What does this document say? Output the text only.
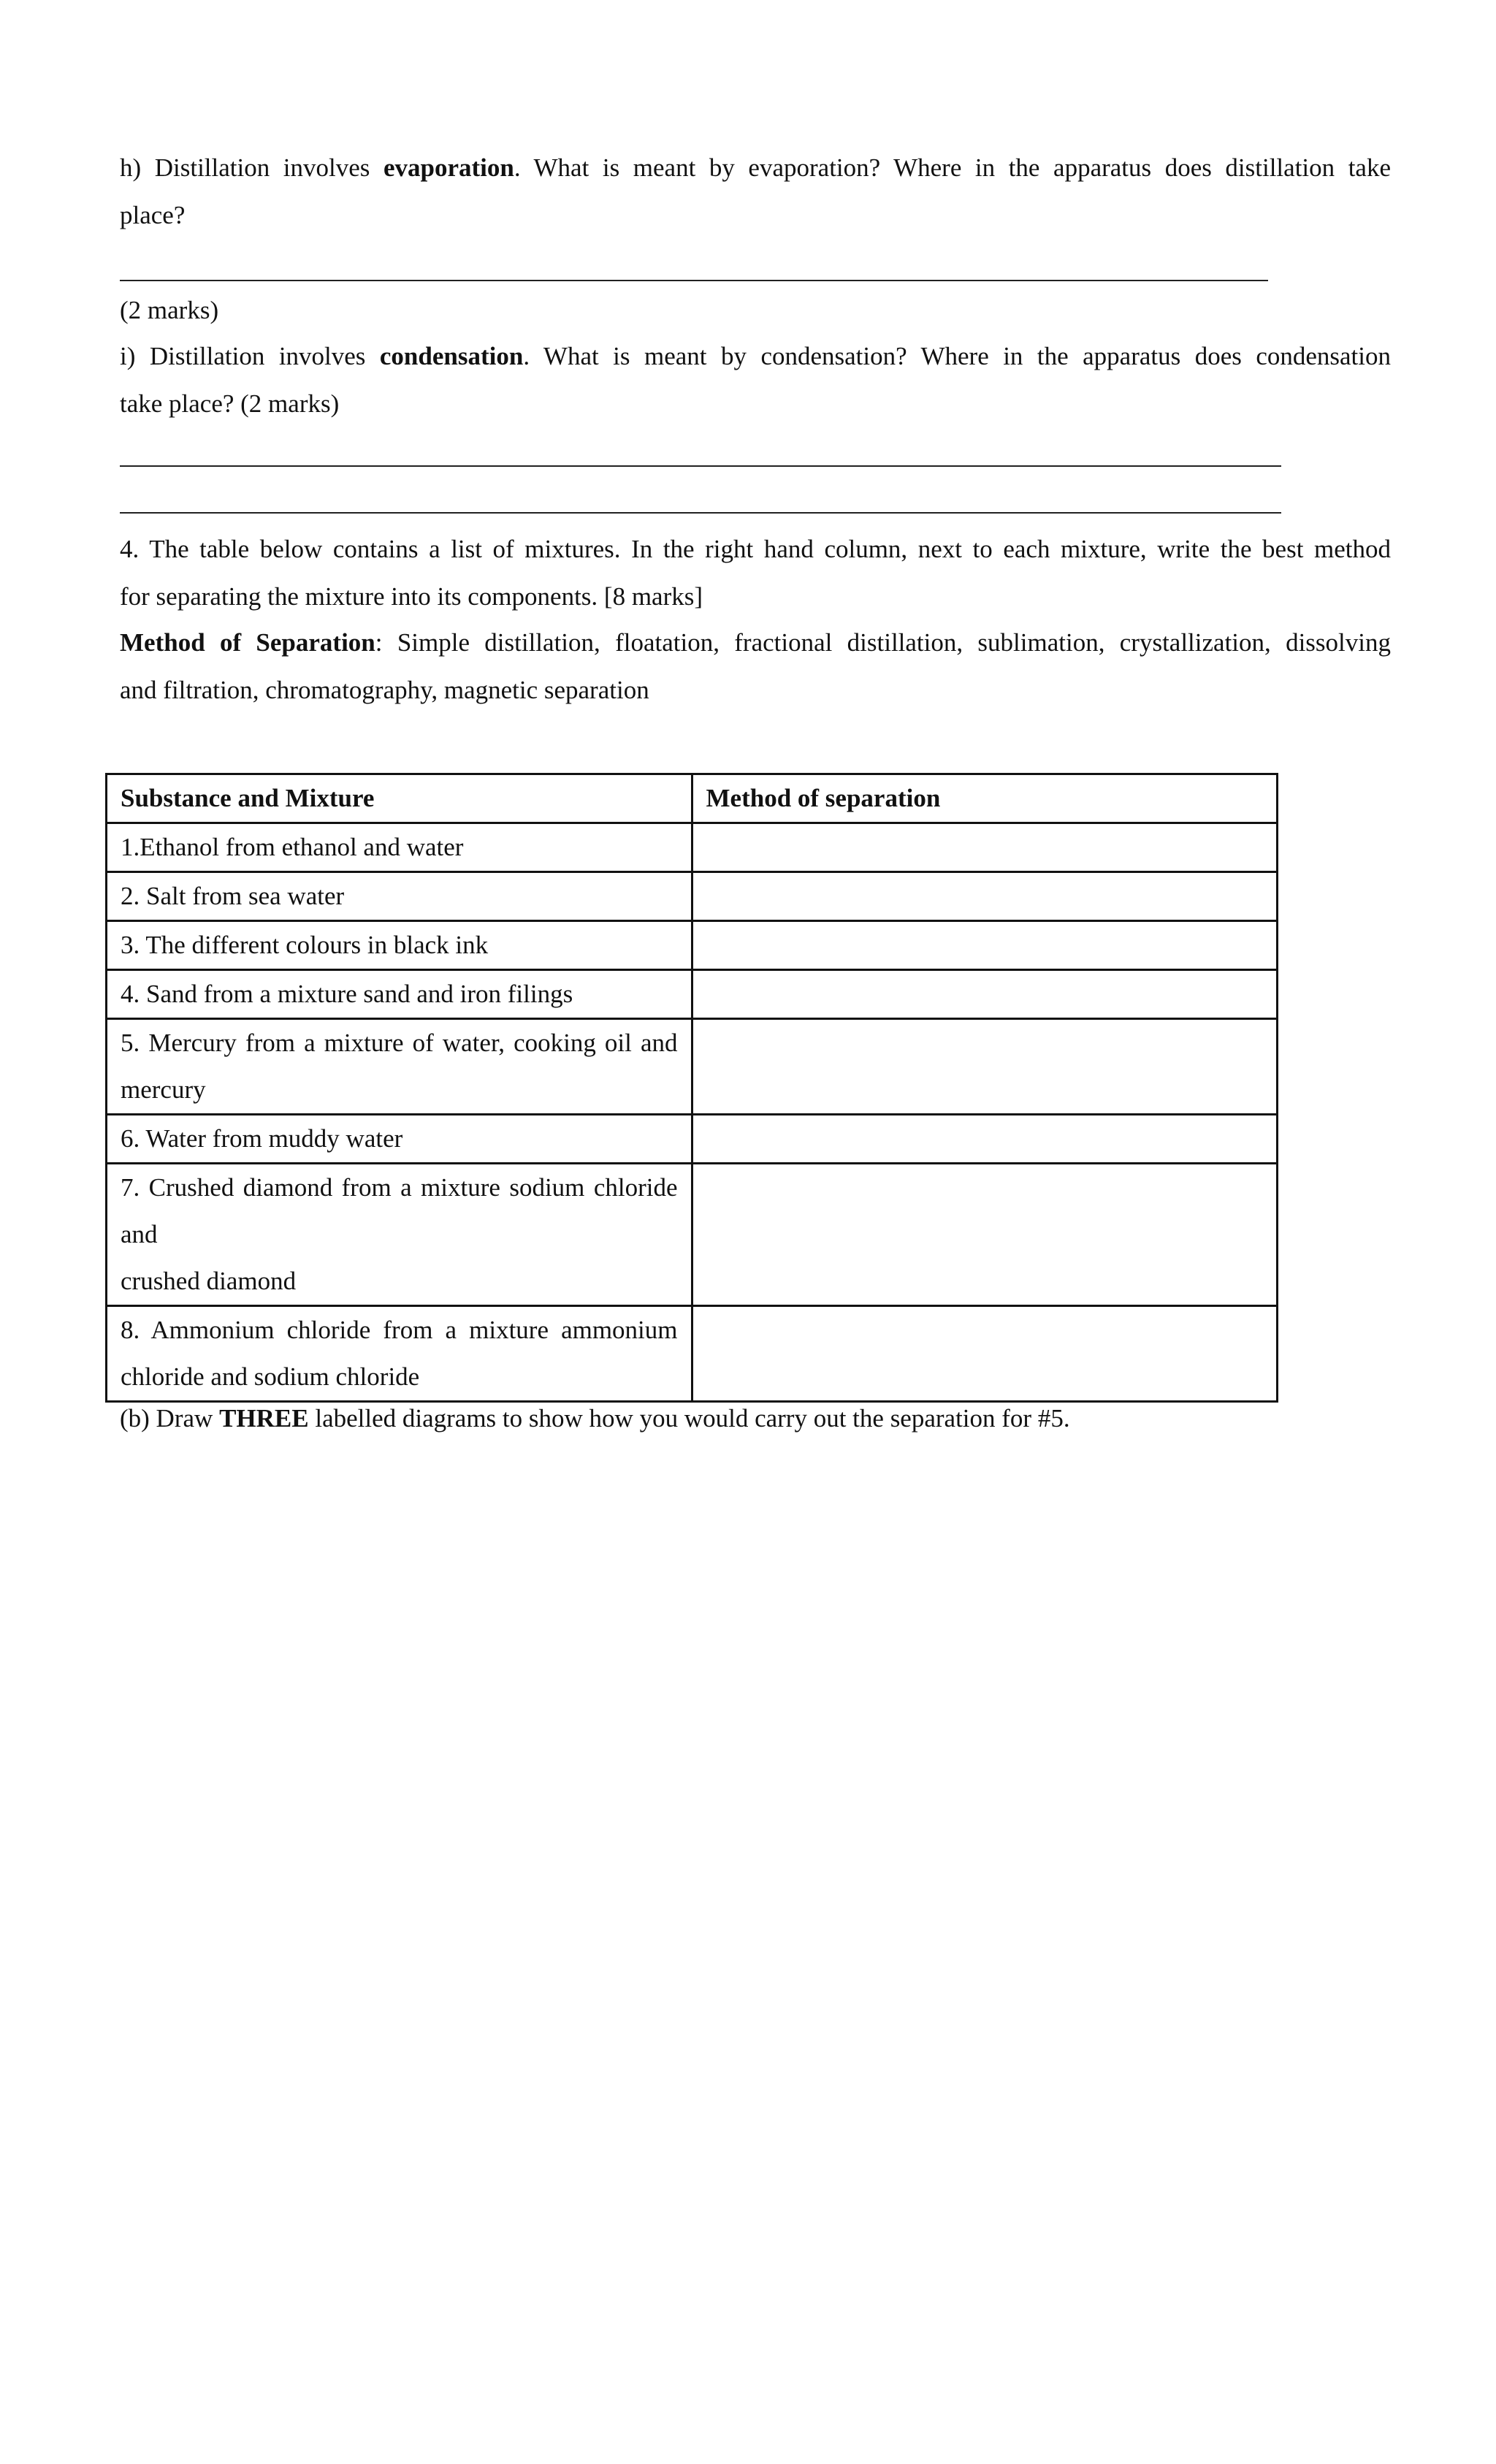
h) Distillation involves evaporation. What is meant by evaporation? Where in the apparatus does distillation take
place?
(2 marks)
i) Distillation involves condensation. What is meant by condensation? Where in the apparatus does condensation
take place? (2 marks)
4. The table below contains a list of mixtures. In the right hand column, next to each mixture, write the best method
for separating the mixture into its components. [8 marks]
Method of Separation: Simple distillation, floatation, fractional distillation, sublimation, crystallization, dissolving
and filtration, chromatography, magnetic separation
Substance and Mixture	Method of separation
1.Ethanol from ethanol and water	
2. Salt from sea water	
3. The different colours in black ink	
4. Sand from a mixture sand and iron filings	

5. Mercury from a mixture of water, cooking oil and
mercury	

6. Water from muddy water	

7. Crushed diamond from a mixture sodium chloride and
crushed diamond	

8. Ammonium chloride from a mixture ammonium
chloride and sodium chloride	

(b) Draw THREE labelled diagrams to show how you would carry out the separation for #5.
